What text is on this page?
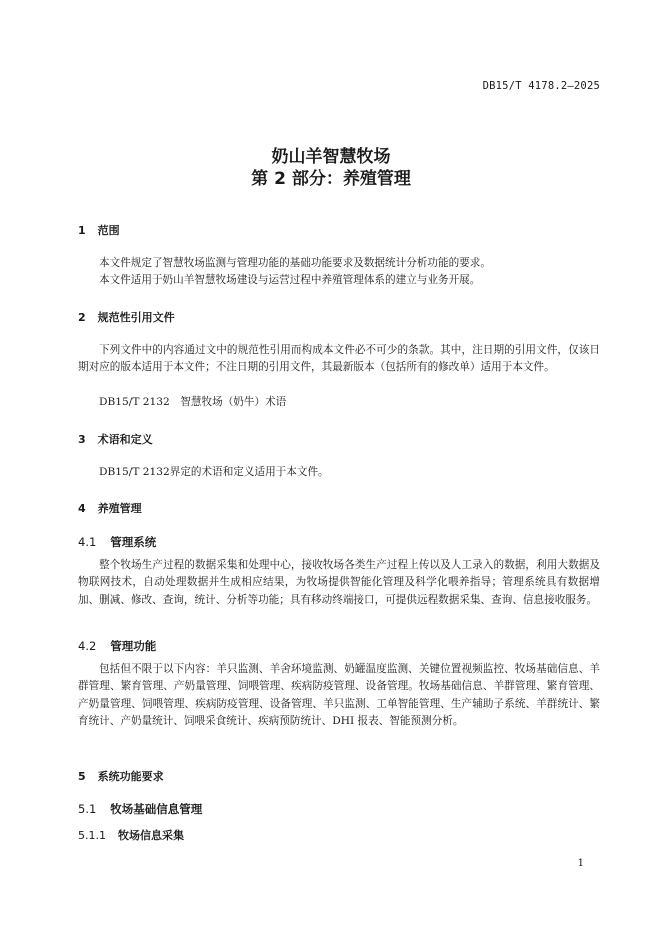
DB15/T 4178.2—2025
奶山羊智慧牧场
第 2 部分：养殖管理
1 范围
本文件规定了智慧牧场监测与管理功能的基础功能要求及数据统计分析功能的要求。
本文件适用于奶山羊智慧牧场建设与运营过程中养殖管理体系的建立与业务开展。
2 规范性引用文件
下列文件中的内容通过文中的规范性引用而构成本文件必不可少的条款。其中，注日期的引用文件，仅该日期对应的版本适用于本文件；不注日期的引用文件，其最新版本（包括所有的修改单）适用于本文件。
DB15/T 2132　智慧牧场（奶牛）术语
3 术语和定义
DB15/T 2132界定的术语和定义适用于本文件。
4 养殖管理
4.1 管理系统
整个牧场生产过程的数据采集和处理中心，接收牧场各类生产过程上传以及人工录入的数据，利用大数据及物联网技术，自动处理数据并生成相应结果，为牧场提供智能化管理及科学化喂养指导；管理系统具有数据增加、删减、修改、查询，统计、分析等功能；具有移动终端接口，可提供远程数据采集、查询、信息接收服务。
4.2 管理功能
包括但不限于以下内容：羊只监测、羊舍环境监测、奶罐温度监测、关键位置视频监控、牧场基础信息、羊群管理、繁育管理、产奶量管理、饲喂管理、疾病防疫管理、设备管理。牧场基础信息、羊群管理、繁育管理、产奶量管理、饲喂管理、疾病防疫管理、设备管理、羊只监测、工单智能管理、生产辅助子系统、羊群统计、繁育统计、产奶量统计、饲喂采食统计、疾病预防统计、DHI 报表、智能预测分析。
5 系统功能要求
5.1 牧场基础信息管理
5.1.1 牧场信息采集
1
